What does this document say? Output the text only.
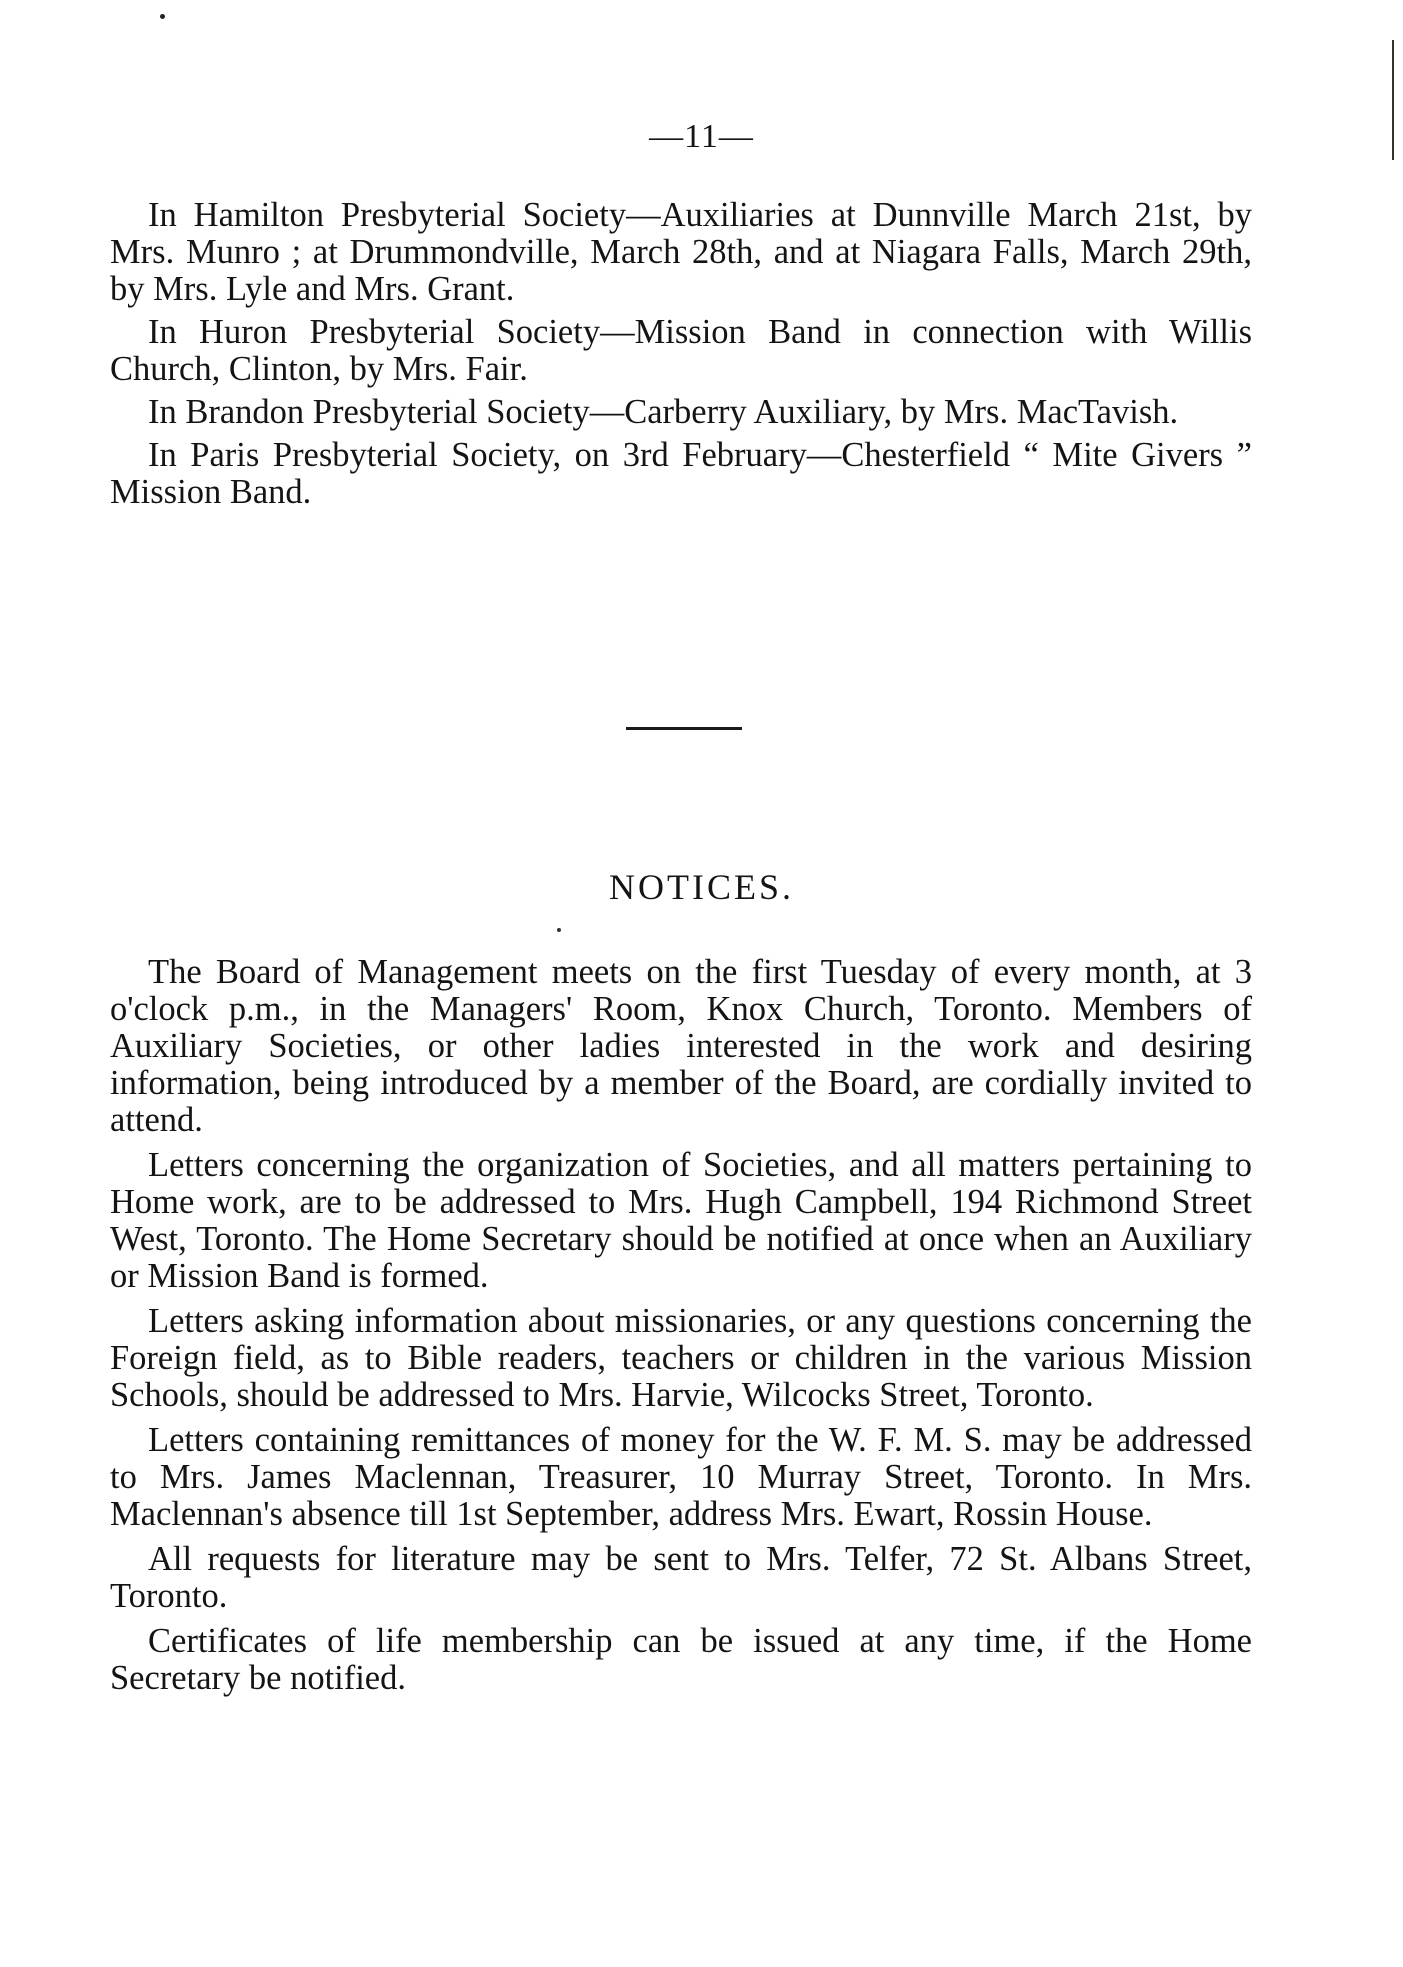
—11—

In Hamilton Presbyterial Society—Auxiliaries at Dunnville March 21st, by Mrs. Munro ; at Drummondville, March 28th, and at Niagara Falls, March 29th, by Mrs. Lyle and Mrs. Grant.

In Huron Presbyterial Society—Mission Band in connection with Willis Church, Clinton, by Mrs. Fair.

In Brandon Presbyterial Society—Carberry Auxiliary, by Mrs. MacTavish.

In Paris Presbyterial Society, on 3rd February—Chesterfield “ Mite Givers ” Mission Band.

NOTICES.

The Board of Management meets on the first Tuesday of every month, at 3 o'clock p.m., in the Managers' Room, Knox Church, Toronto. Members of Auxiliary Societies, or other ladies interested in the work and desiring information, being introduced by a member of the Board, are cordially invited to attend.

Letters concerning the organization of Societies, and all matters pertaining to Home work, are to be addressed to Mrs. Hugh Campbell, 194 Richmond Street West, Toronto. The Home Secretary should be notified at once when an Auxiliary or Mission Band is formed.

Letters asking information about missionaries, or any questions concerning the Foreign field, as to Bible readers, teachers or children in the various Mission Schools, should be addressed to Mrs. Harvie, Wilcocks Street, Toronto.

Letters containing remittances of money for the W. F. M. S. may be addressed to Mrs. James Maclennan, Treasurer, 10 Murray Street, Toronto. In Mrs. Maclennan's absence till 1st September, address Mrs. Ewart, Rossin House.

All requests for literature may be sent to Mrs. Telfer, 72 St. Albans Street, Toronto.

Certificates of life membership can be issued at any time, if the Home Secretary be notified.
